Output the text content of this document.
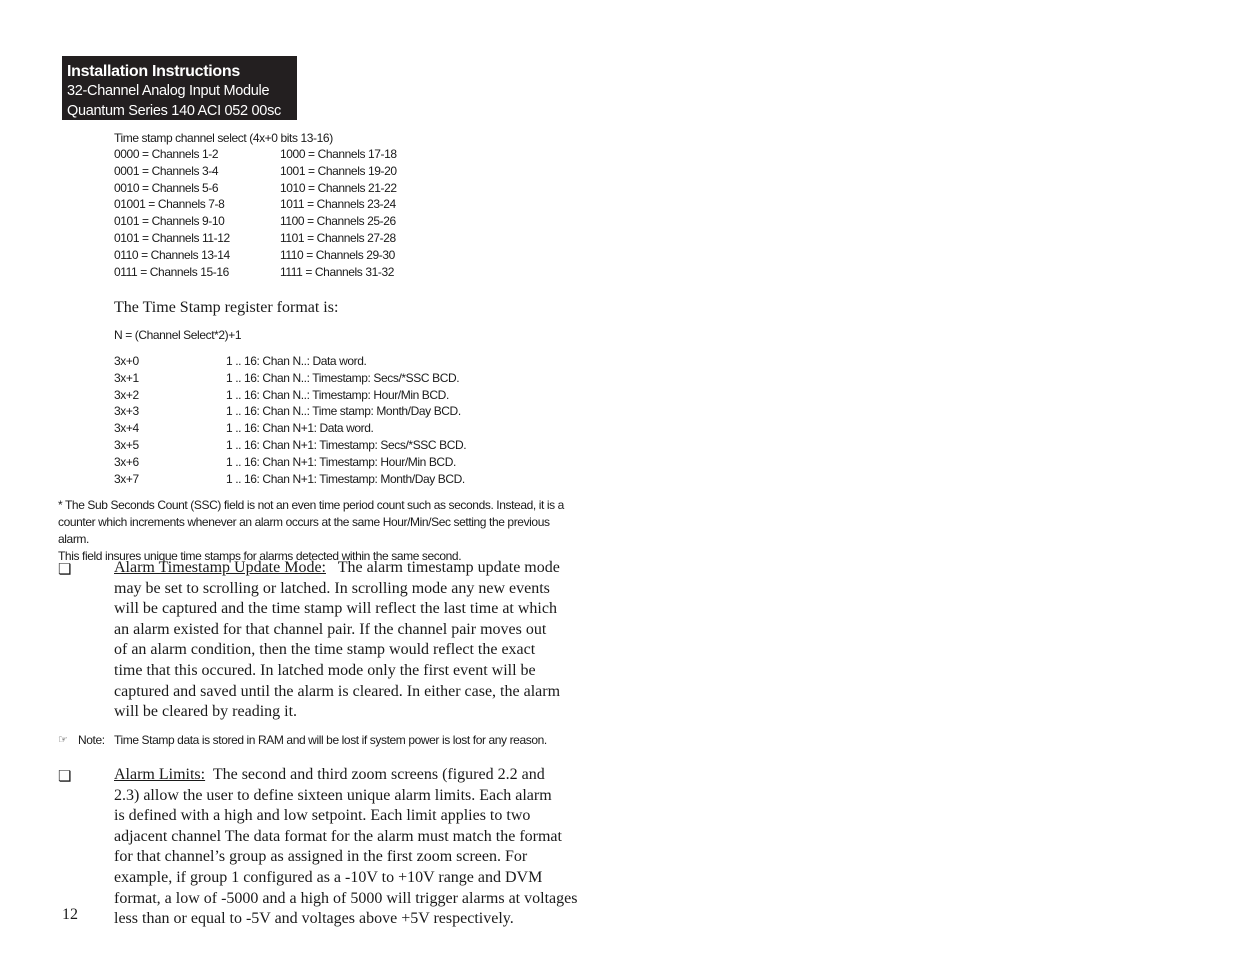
Installation Instructions
32-Channel Analog Input Module
Quantum Series 140 ACI 052 00sc
Time stamp channel select (4x+0 bits 13-16)
0000 = Channels 1-2	1000 = Channels 17-18
0001 = Channels 3-4	1001 = Channels 19-20
0010 = Channels 5-6	1010 = Channels 21-22
01001 = Channels 7-8	1011 = Channels 23-24
0101 = Channels 9-10	1100 = Channels 25-26
0101 = Channels 11-12	1101 = Channels 27-28
0110 = Channels 13-14	1110 = Channels 29-30
0111 = Channels 15-16	1111 = Channels 31-32
The Time Stamp register format is:
N = (Channel Select*2)+1
3x+0	1 .. 16: Chan N..: Data word.
3x+1	1 .. 16: Chan N..: Timestamp: Secs/*SSC BCD.
3x+2	1 .. 16: Chan N..: Timestamp: Hour/Min BCD.
3x+3	1 .. 16: Chan N..: Time stamp: Month/Day BCD.
3x+4	1 .. 16: Chan N+1: Data word.
3x+5	1 .. 16: Chan N+1: Timestamp: Secs/*SSC BCD.
3x+6	1 .. 16: Chan N+1: Timestamp: Hour/Min BCD.
3x+7	1 .. 16: Chan N+1: Timestamp: Month/Day BCD.
* The Sub Seconds Count (SSC) field is not an even time period count such as seconds. Instead, it is a
counter which increments whenever an alarm occurs at the same Hour/Min/Sec setting the previous alarm.
This field insures unique time stamps for alarms detected within the same second.
❏	Alarm Timestamp Update Mode:   The alarm timestamp update mode
may be set to scrolling or latched. In scrolling mode any new events
will be captured and the time stamp will reflect the last time at which
an alarm existed for that channel pair. If the channel pair moves out
of an alarm condition, then the time stamp would reflect the exact
time that this occured. In latched mode only the first event will be
captured and saved until the alarm is cleared. In either case, the alarm
will be cleared by reading it.
☞ Note: Time Stamp data is stored in RAM and will be lost if system power is lost for any reason.
❏	Alarm Limits:  The second and third zoom screens (figured 2.2 and
2.3) allow the user to define sixteen unique alarm limits. Each alarm
is defined with a high and low setpoint. Each limit applies to two
adjacent channel The data format for the alarm must match the format
for that channel’s group as assigned in the first zoom screen. For
example, if group 1 configured as a -10V to +10V range and DVM
format, a low of -5000 and a high of 5000 will trigger alarms at voltages
less than or equal to -5V and voltages above +5V respectively.
12
